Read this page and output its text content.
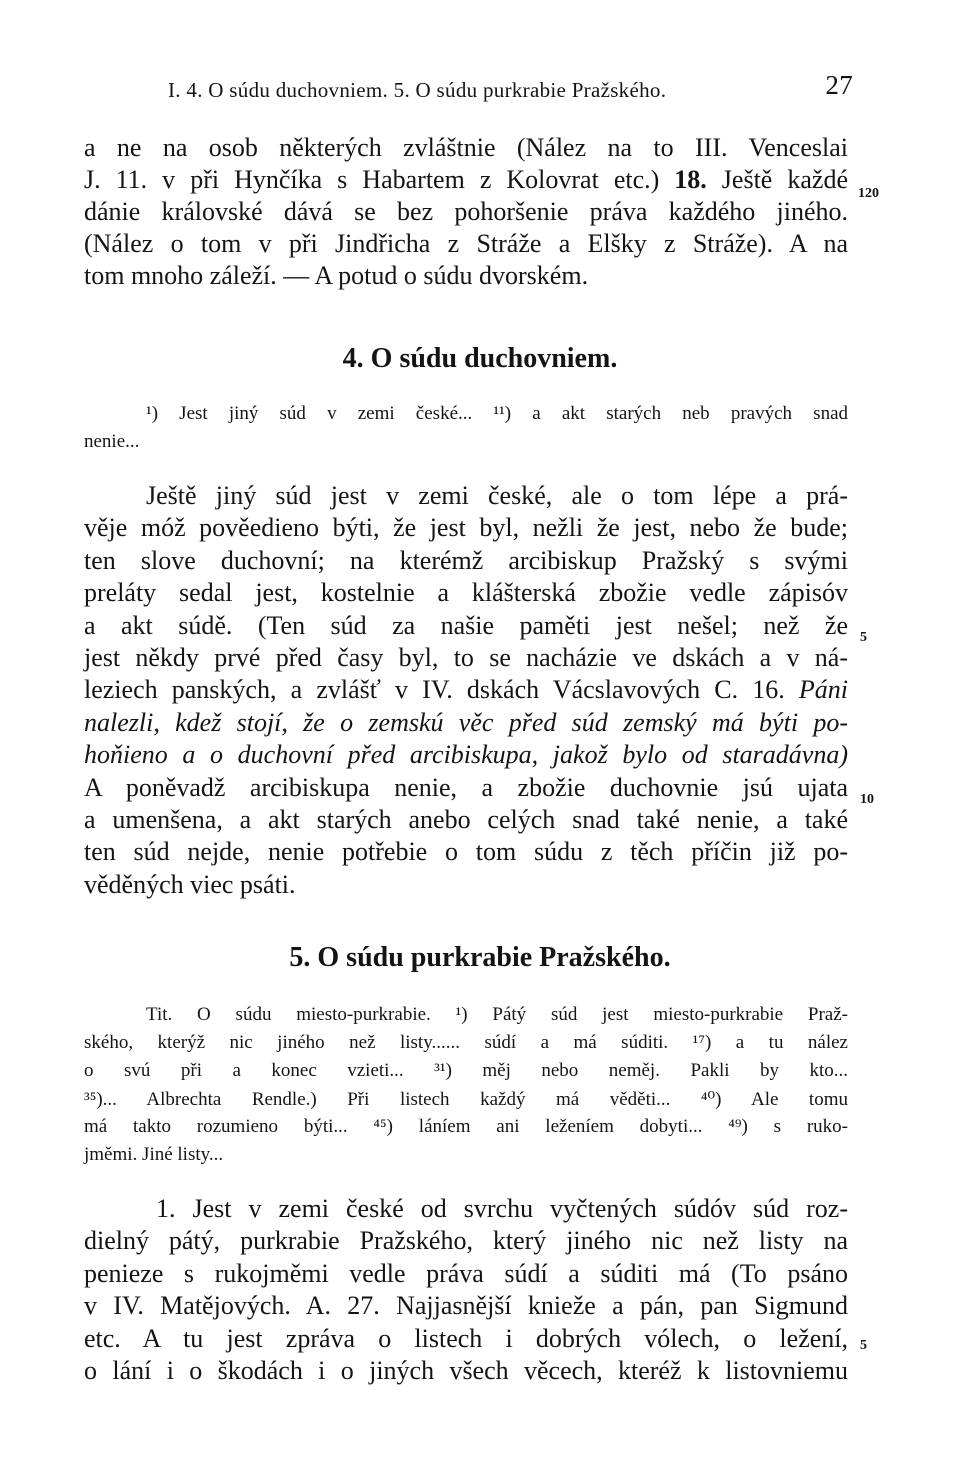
I. 4. O súdu duchovniem. 5. O súdu purkrabie Pražského.	27
a ne na osob některých zvláštnie (Nález na to III. Venceslai
J. 11. v při Hynčíka s Habartem z Kolovrat etc.) 18. Ještě každé
dánie královské dává se bez pohoršenie práva každého jiného.
(Nález o tom v při Jindřicha z Stráže a Elšky z Stráže). A na
tom mnoho záleží. — A potud o súdu dvorském.
120
4. O súdu duchovniem.
¹) Jest jiný súd v zemi české... ¹¹) a akt starých neb pravých snad
nenie...
Ještě jiný súd jest v zemi české, ale o tom lépe a prá-
věje móž pověedieno býti, že jest byl, nežli že jest, nebo že bude;
ten slove duchovní; na kterémž arcibiskup Pražský s svými
preláty sedal jest, kostelnie a klášterská zbožie vedle zápisóv
a akt súdě. (Ten súd za našie paměti jest nešel; než že
jest někdy prvé před časy byl, to se nacházie ve dskách a v ná-
leziech panských, a zvlášť v IV. dskách Vácslavových C. 16. Páni
nalezli, kdež stojí, že o zemskú věc před súd zemský má býti po-
hoňieno a o duchovní před arcibiskupa, jakož bylo od staradávna)
A poněvadž arcibiskupa nenie, a zbožie duchovnie jsú ujata
a umenšena, a akt starých anebo celých snad také nenie, a také
ten súd nejde, nenie potřebie o tom súdu z těch příčin již po-
věděných viec psáti.
5
10
5. O súdu purkrabie Pražského.
Tit. O súdu miesto-purkrabie. ¹) Pátý súd jest miesto-purkrabie Praž-
ského, kterýž nic jiného než listy...... súdí a má súditi. ¹⁷) a tu nález
o svú při a konec vzieti... ³¹) měj nebo neměj. Pakli by kto...
³⁵)... Albrechta Rendle.) Při listech každý má věděti... ⁴⁰) Ale tomu
má takto rozumieno býti... ⁴⁵) láníem ani leženíem dobyti... ⁴⁹) s ruko-
jměmi. Jiné listy...
1. Jest v zemi české od svrchu vyčtených súdóv súd roz-
dielný pátý, purkrabie Pražského, který jiného nic než listy na
penieze s rukojměmi vedle práva súdí a súditi má (To psáno
v IV. Matějových. A. 27. Najjasnější knieže a pán, pan Sigmund
etc. A tu jest zpráva o listech i dobrých vólech, o ležení,
o lání i o škodách i o jiných všech věcech, kteréž k listovniemu
5
